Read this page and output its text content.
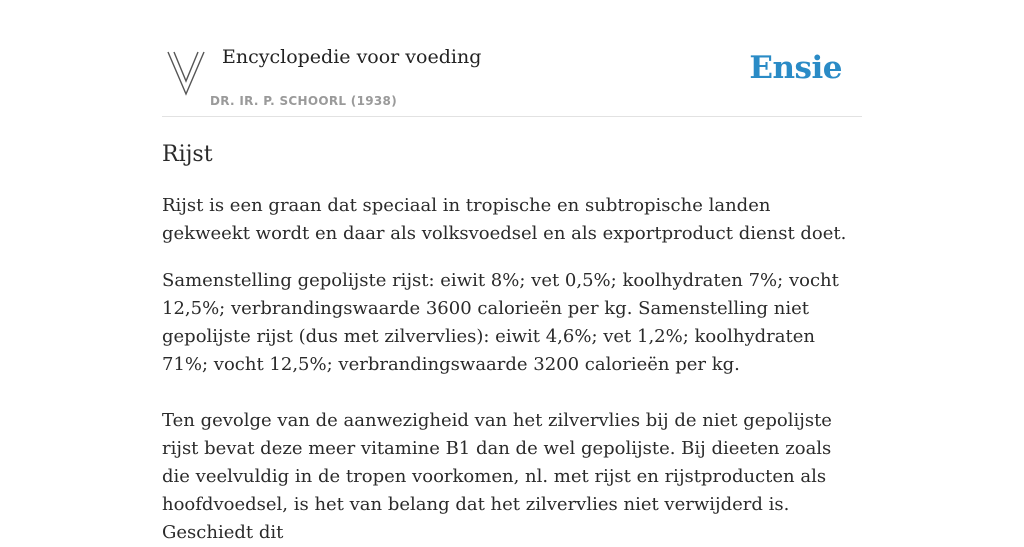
Encyclopedie voor voeding
DR. IR. P. SCHOORL (1938)
Ensie
Rijst

Rijst is een graan dat speciaal in tropische en subtropische landen gekweekt wordt en daar als volksvoedsel en als exportproduct dienst doet.

Samenstelling gepolijste rijst: eiwit 8%; vet 0,5%; koolhydraten 7%; vocht 12,5%; verbrandingswaarde 3600 calorieën per kg. Samenstelling niet gepolijste rijst (dus met zilvervlies): eiwit 4,6%; vet 1,2%; koolhydraten 71%; vocht 12,5%; verbrandingswaarde 3200 calorieën per kg.

Ten gevolge van de aanwezigheid van het zilvervlies bij de niet gepolijste rijst bevat deze meer vitamine B1 dan de wel gepolijste. Bij dieeten zoals die veelvuldig in de tropen voorkomen, nl. met rijst en rijstproducten als hoofdvoedsel, is het van belang dat het zilvervlies niet verwijderd is. Geschiedt dit
